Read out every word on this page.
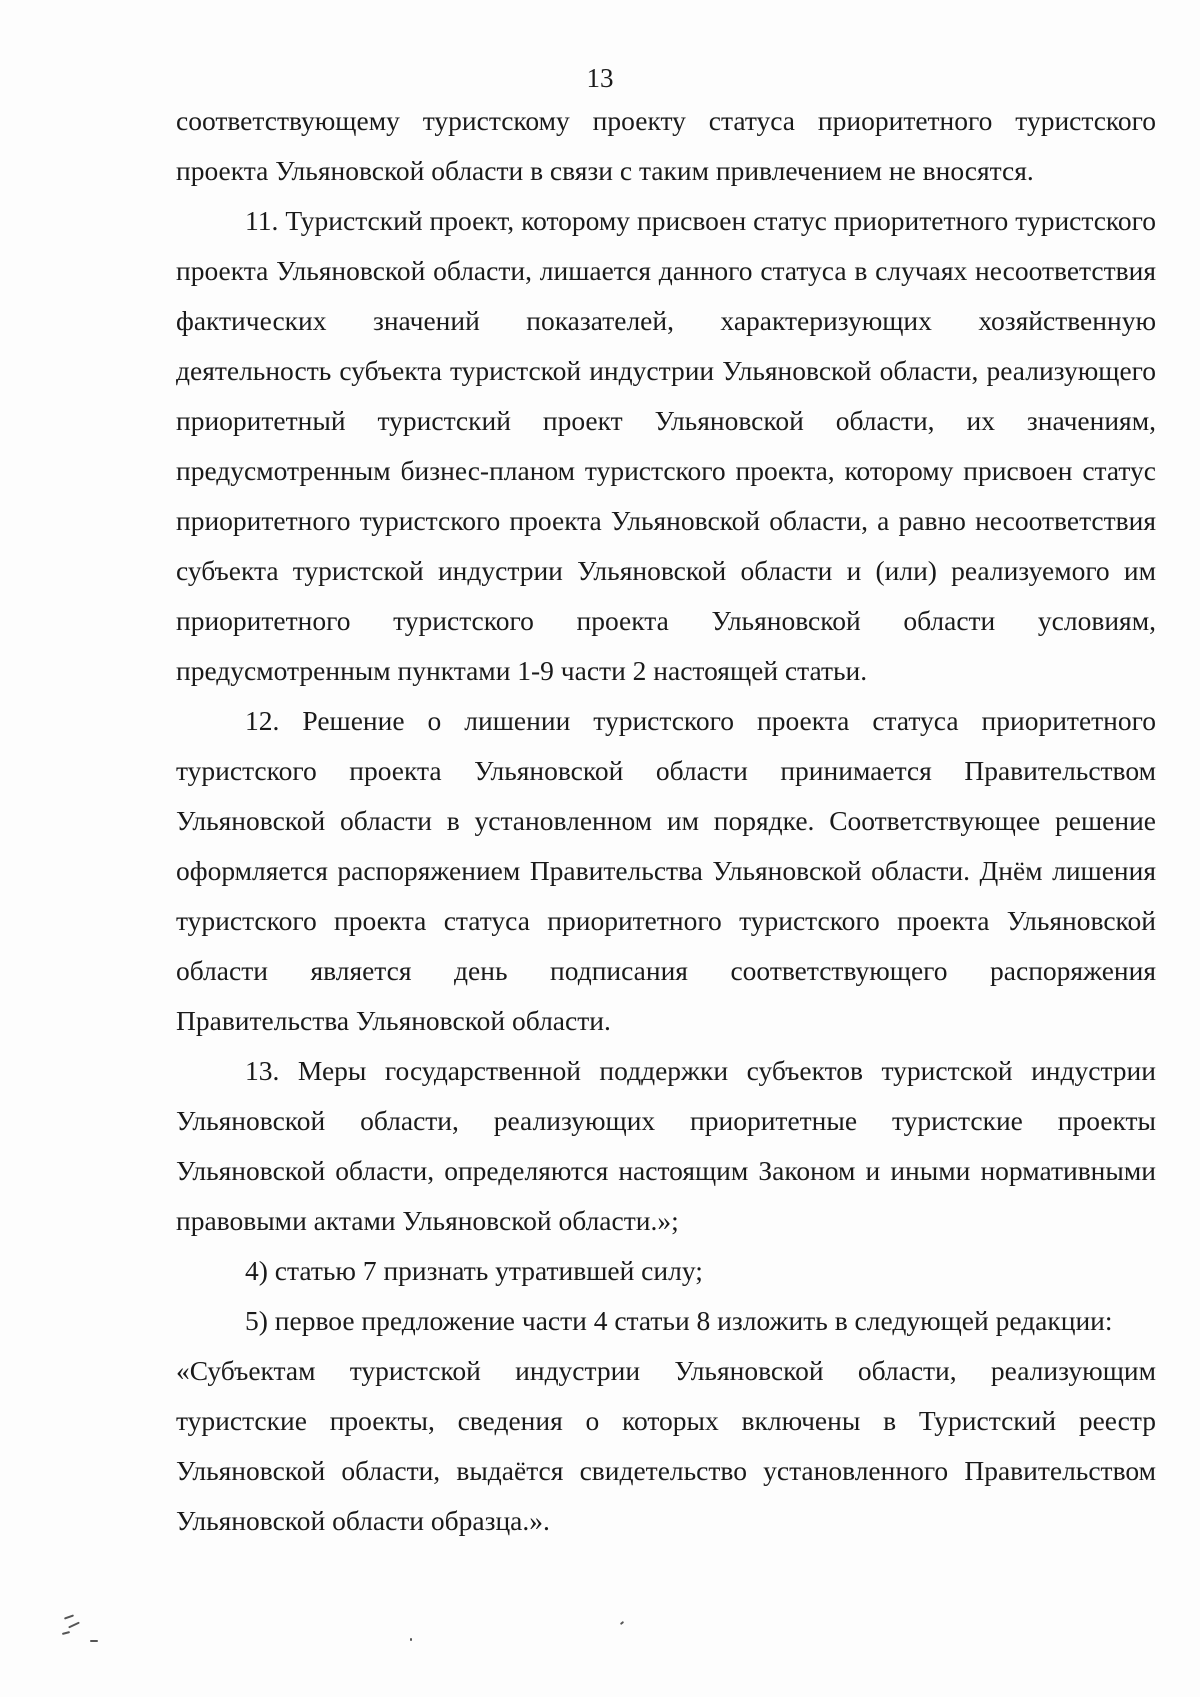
13

соответствующему туристскому проекту статуса приоритетного туристского проекта Ульяновской области в связи с таким привлечением не вносятся.

11. Туристский проект, которому присвоен статус приоритетного туристского проекта Ульяновской области, лишается данного статуса в случаях несоответствия фактических значений показателей, характеризующих хозяйственную деятельность субъекта туристской индустрии Ульяновской области, реализующего приоритетный туристский проект Ульяновской области, их значениям, предусмотренным бизнес-планом туристского проекта, которому присвоен статус приоритетного туристского проекта Ульяновской области, а равно несоответствия субъекта туристской индустрии Ульяновской области и (или) реализуемого им приоритетного туристского проекта Ульяновской области условиям, предусмотренным пунктами 1-9 части 2 настоящей статьи.

12. Решение о лишении туристского проекта статуса приоритетного туристского проекта Ульяновской области принимается Правительством Ульяновской области в установленном им порядке. Соответствующее решение оформляется распоряжением Правительства Ульяновской области. Днём лишения туристского проекта статуса приоритетного туристского проекта Ульяновской области является день подписания соответствующего распоряжения Правительства Ульяновской области.

13. Меры государственной поддержки субъектов туристской индустрии Ульяновской области, реализующих приоритетные туристские проекты Ульяновской области, определяются настоящим Законом и иными нормативными правовыми актами Ульяновской области.»;

4) статью 7 признать утратившей силу;

5) первое предложение части 4 статьи 8 изложить в следующей редакции:

«Субъектам туристской индустрии Ульяновской области, реализующим туристские проекты, сведения о которых включены в Туристский реестр Ульяновской области, выдаётся свидетельство установленного Правительством Ульяновской области образца.».
